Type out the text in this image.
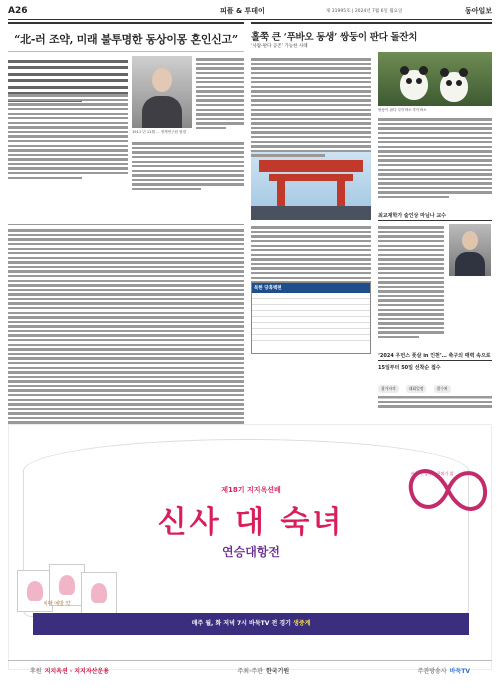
A26	피플 & 투데이	제 31995호 | 2024년 7월 6일 월요일	동아일보
“北-러 조약, 미래 불투명한 동상이몽 혼인신고”
1911 년 12월 ... 정책연구원 원장
북한 당혹백편
홀쭉 큰 ‘푸바오 동생’ 쌍둥이 판다 돌잔치
‘사람-판다 공존’ 가능한 사례
쌍둥이 판다 루이바오·후이바오
최교재학가 술인상 마님나 교수
‘2024 우먼스 풋살 in 인천’… 축구의 매력 속으로
15일부터 50일 선착순 접수
참가자격	대회일정	접수처
바둑 인생에는 은퇴가 없다
제18기 지지옥션배
신사 대 숙녀
연승대항전
치매 예방 약
매주 월, 화 저녁 7시 바둑TV 전 경기 생중계
후원 지지옥션 · 지지자산운용	주최·주관 한국기원	주관방송사 바둑TV
